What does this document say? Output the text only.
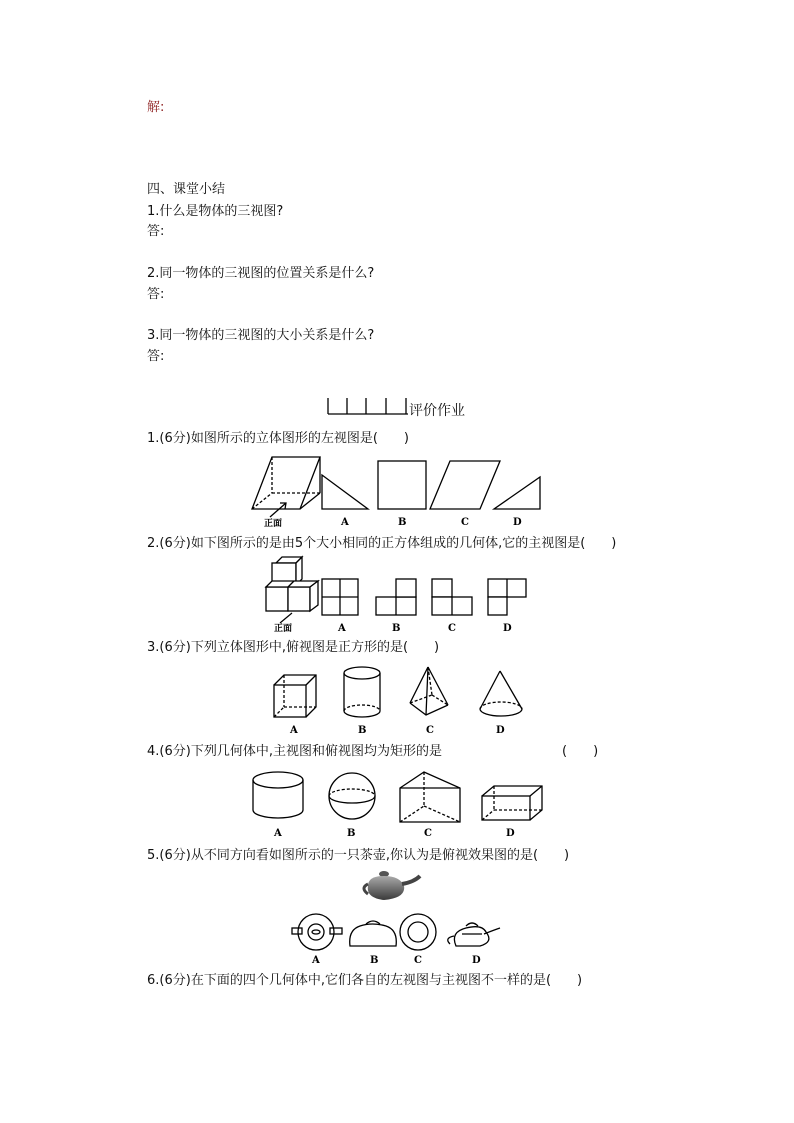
解:
四、课堂小结
1.什么是物体的三视图?
答:
2.同一物体的三视图的位置关系是什么?
答:
3.同一物体的三视图的大小关系是什么?
答:
评价作业
1.(6分)如图所示的立体图形的左视图是(　　)
正面	A	B	C	D
2.(6分)如下图所示的是由5个大小相同的正方体组成的几何体,它的主视图是(　　)
正面	A	B	C	D
3.(6分)下列立体图形中,俯视图是正方形的是(　　)
A	B	C	D
4.(6分)下列几何体中,主视图和俯视图均为矩形的是	(　　)
A	B	C	D
5.(6分)从不同方向看如图所示的一只茶壶,你认为是俯视效果图的是(　　)
A	B	C	D
6.(6分)在下面的四个几何体中,它们各自的左视图与主视图不一样的是(　　)
